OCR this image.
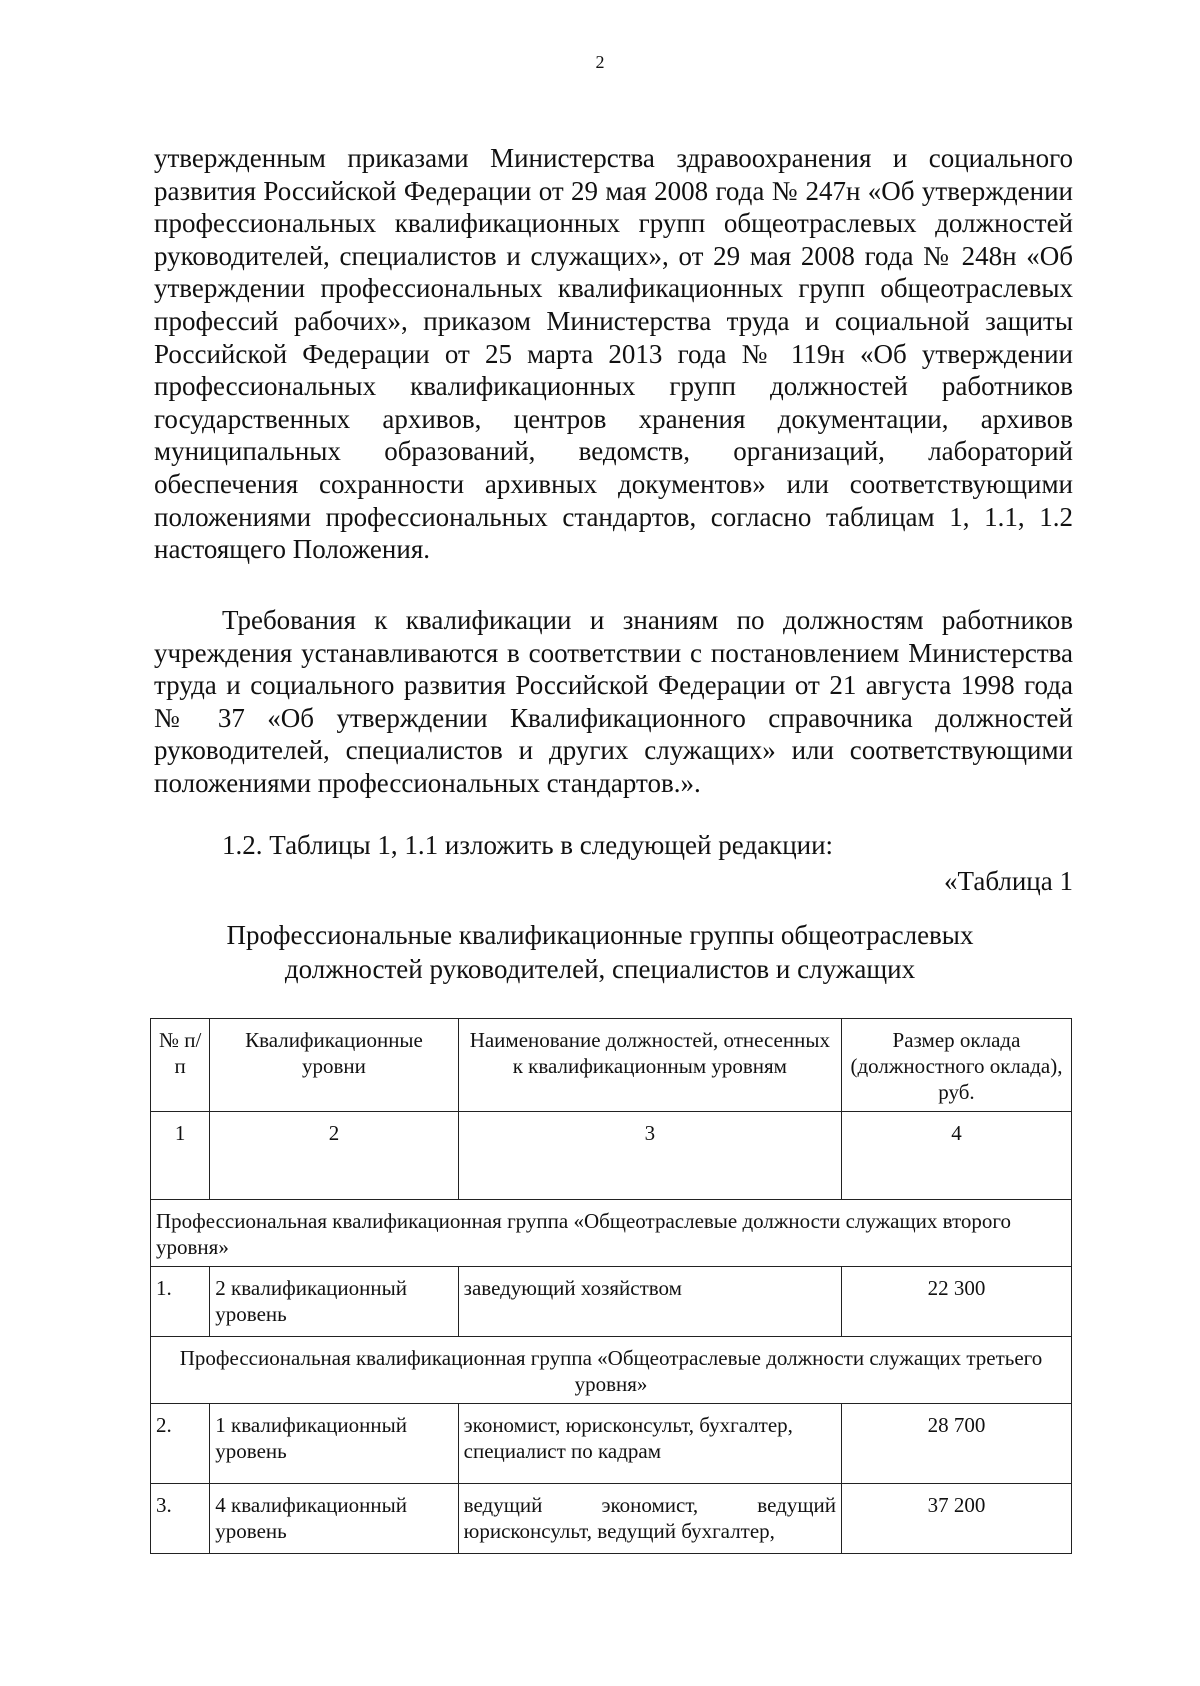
2

утвержденным приказами Министерства здравоохранения и социального развития Российской Федерации от 29 мая 2008 года № 247н «Об утверждении профессиональных квалификационных групп общеотраслевых должностей руководителей, специалистов и служащих», от 29 мая 2008 года № 248н «Об утверждении профессиональных квалификационных групп общеотраслевых профессий рабочих», приказом Министерства труда и социальной защиты Российской Федерации от 25 марта 2013 года № 119н «Об утверждении профессиональных квалификационных групп должностей работников государственных архивов, центров хранения документации, архивов муниципальных образований, ведомств, организаций, лабораторий обеспечения сохранности архивных документов» или соответствующими положениями профессиональных стандартов, согласно таблицам 1, 1.1, 1.2 настоящего Положения.

Требования к квалификации и знаниям по должностям работников учреждения устанавливаются в соответствии с постановлением Министерства труда и социального развития Российской Федерации от 21 августа 1998 года № 37 «Об утверждении Квалификационного справочника должностей руководителей, специалистов и других служащих» или соответствующими положениями профессиональных стандартов.».

1.2. Таблицы 1, 1.1 изложить в следующей редакции:

«Таблица 1
Профессиональные квалификационные группы общеотраслевых
должностей руководителей, специалистов и служащих
№ п/п	Квалификационные уровни	Наименование должностей, отнесенных к квалификационным уровням	Размер оклада (должностного оклада), руб.
1	2	3	4
Профессиональная квалификационная группа «Общеотраслевые должности служащих второго уровня»			
1.	2 квалификационный уровень	заведующий хозяйством	22 300
Профессиональная квалификационная группа «Общеотраслевые должности служащих третьего уровня»			
2.	1 квалификационный уровень	экономист, юрисконсульт, бухгалтер, специалист по кадрам	28 700
3.	4 квалификационный уровень	ведущий экономист, ведущий юрисконсульт, ведущий бухгалтер,	37 200
